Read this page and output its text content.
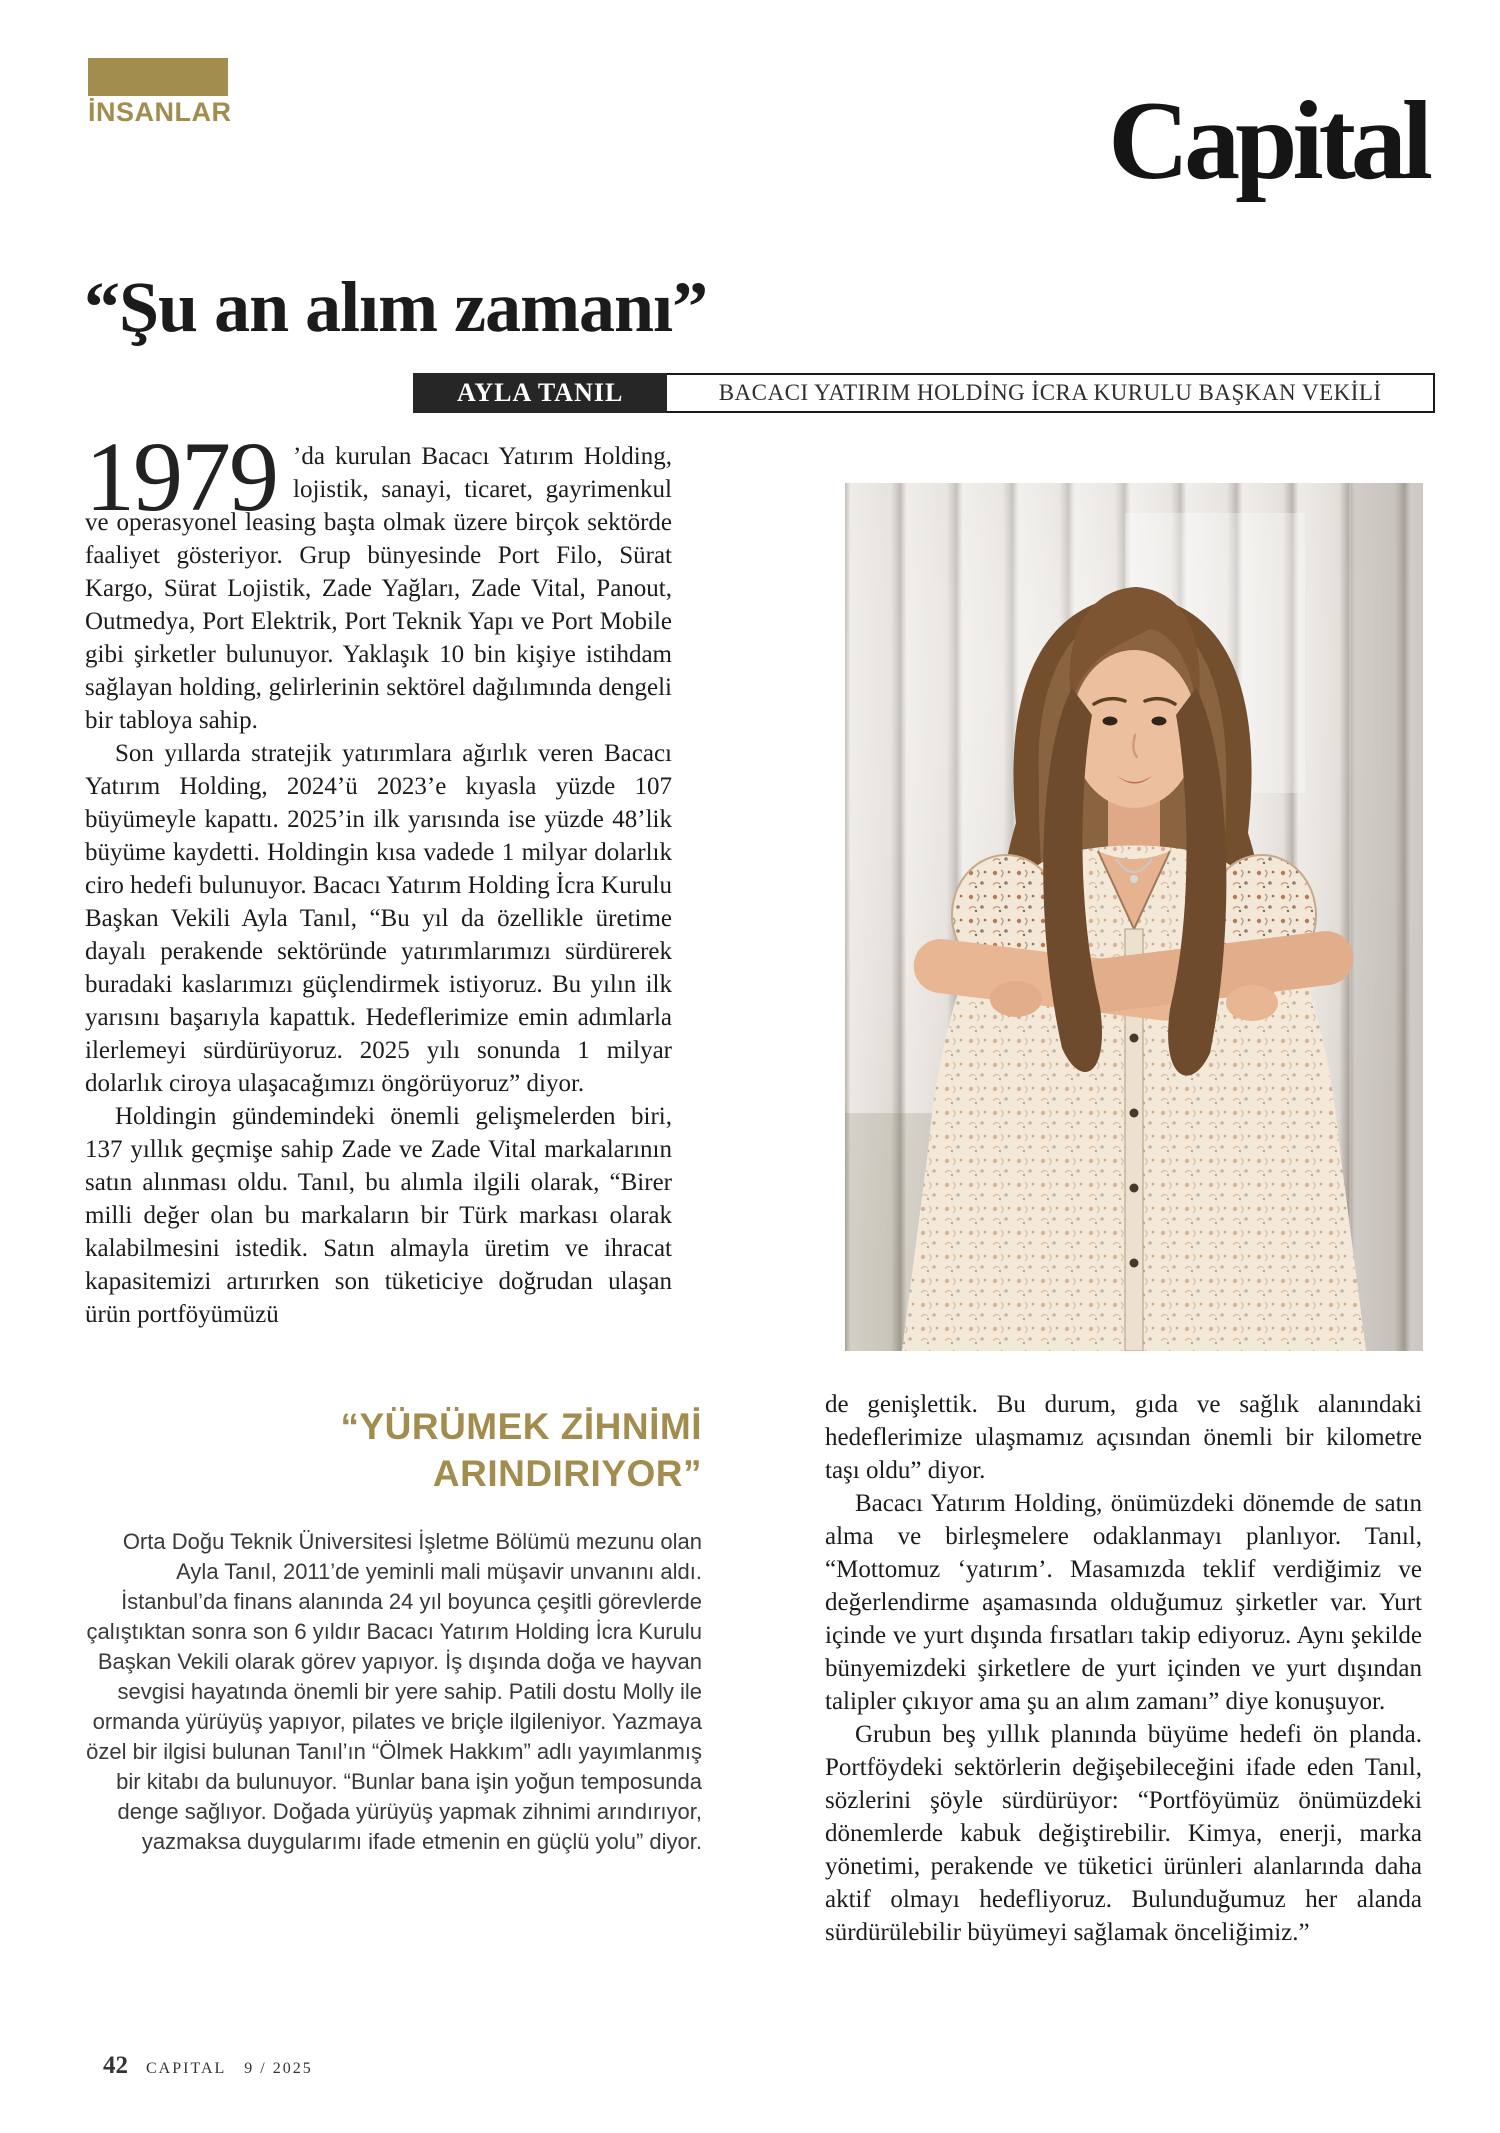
İNSANLAR	Capital
“Şu an alım zamanı”
AYLA TANIL	BACACI YATIRIM HOLDİNG İCRA KURULU BAŞKAN VEKİLİ

1979 ’da kurulan Bacacı Yatırım Holding, lojistik, sanayi, ticaret, gayrimenkul ve operasyonel leasing başta olmak üzere birçok sektörde faaliyet gösteriyor. Grup bünyesinde Port Filo, Sürat Kargo, Sürat Lojistik, Zade Yağları, Zade Vital, Panout, Outmedya, Port Elektrik, Port Teknik Yapı ve Port Mobile gibi şirketler bulunuyor. Yaklaşık 10 bin kişiye istihdam sağlayan holding, gelirlerinin sektörel dağılımında dengeli bir tabloya sahip.

Son yıllarda stratejik yatırımlara ağırlık veren Bacacı Yatırım Holding, 2024’ü 2023’e kıyasla yüzde 107 büyümeyle kapattı. 2025’in ilk yarısında ise yüzde 48’lik büyüme kaydetti. Holdingin kısa vadede 1 milyar dolarlık ciro hedefi bulunuyor. Bacacı Yatırım Holding İcra Kurulu Başkan Vekili Ayla Tanıl, “Bu yıl da özellikle üretime dayalı perakende sektöründe yatırımlarımızı sürdürerek buradaki kaslarımızı güçlendirmek istiyoruz. Bu yılın ilk yarısını başarıyla kapattık. Hedeflerimize emin adımlarla ilerlemeyi sürdürüyoruz. 2025 yılı sonunda 1 milyar dolarlık ciroya ulaşacağımızı öngörüyoruz” diyor.

Holdingin gündemindeki önemli gelişmelerden biri, 137 yıllık geçmişe sahip Zade ve Zade Vital markalarının satın alınması oldu. Tanıl, bu alımla ilgili olarak, “Birer milli değer olan bu markaların bir Türk markası olarak kalabilmesini istedik. Satın almayla üretim ve ihracat kapasitemizi artırırken son tüketiciye doğrudan ulaşan ürün portföyümüzü

“YÜRÜMEK ZİHNİMİ
ARINDIRIYOR”
Orta Doğu Teknik Üniversitesi İşletme Bölümü mezunu olan Ayla Tanıl, 2011’de yeminli mali müşavir unvanını aldı. İstanbul’da finans alanında 24 yıl boyunca çeşitli görevlerde çalıştıktan sonra son 6 yıldır Bacacı Yatırım Holding İcra Kurulu Başkan Vekili olarak görev yapıyor. İş dışında doğa ve hayvan sevgisi hayatında önemli bir yere sahip. Patili dostu Molly ile ormanda yürüyüş yapıyor, pilates ve briçle ilgileniyor. Yazmaya özel bir ilgisi bulunan Tanıl’ın “Ölmek Hakkım” adlı yayımlanmış bir kitabı da bulunuyor. “Bunlar bana işin yoğun temposunda denge sağlıyor. Doğada yürüyüş yapmak zihnimi arındırıyor, yazmaksa duygularımı ifade etmenin en güçlü yolu” diyor.

de genişlettik. Bu durum, gıda ve sağlık alanındaki hedeflerimize ulaşmamız açısından önemli bir kilometre taşı oldu” diyor.

Bacacı Yatırım Holding, önümüzdeki dönemde de satın alma ve birleşmelere odaklanmayı planlıyor. Tanıl, “Mottomuz ‘yatırım’. Masamızda teklif verdiğimiz ve değerlendirme aşamasında olduğumuz şirketler var. Yurt içinde ve yurt dışında fırsatları takip ediyoruz. Aynı şekilde bünyemizdeki şirketlere de yurt içinden ve yurt dışından talipler çıkıyor ama şu an alım zamanı” diye konuşuyor.

Grubun beş yıllık planında büyüme hedefi ön planda. Portföydeki sektörlerin değişebileceğini ifade eden Tanıl, sözlerini şöyle sürdürüyor: “Portföyümüz önümüzdeki dönemlerde kabuk değiştirebilir. Kimya, enerji, marka yönetimi, perakende ve tüketici ürünleri alanlarında daha aktif olmayı hedefliyoruz. Bulunduğumuz her alanda sürdürülebilir büyümeyi sağlamak önceliğimiz.”

42 CAPITAL 9 / 2025
